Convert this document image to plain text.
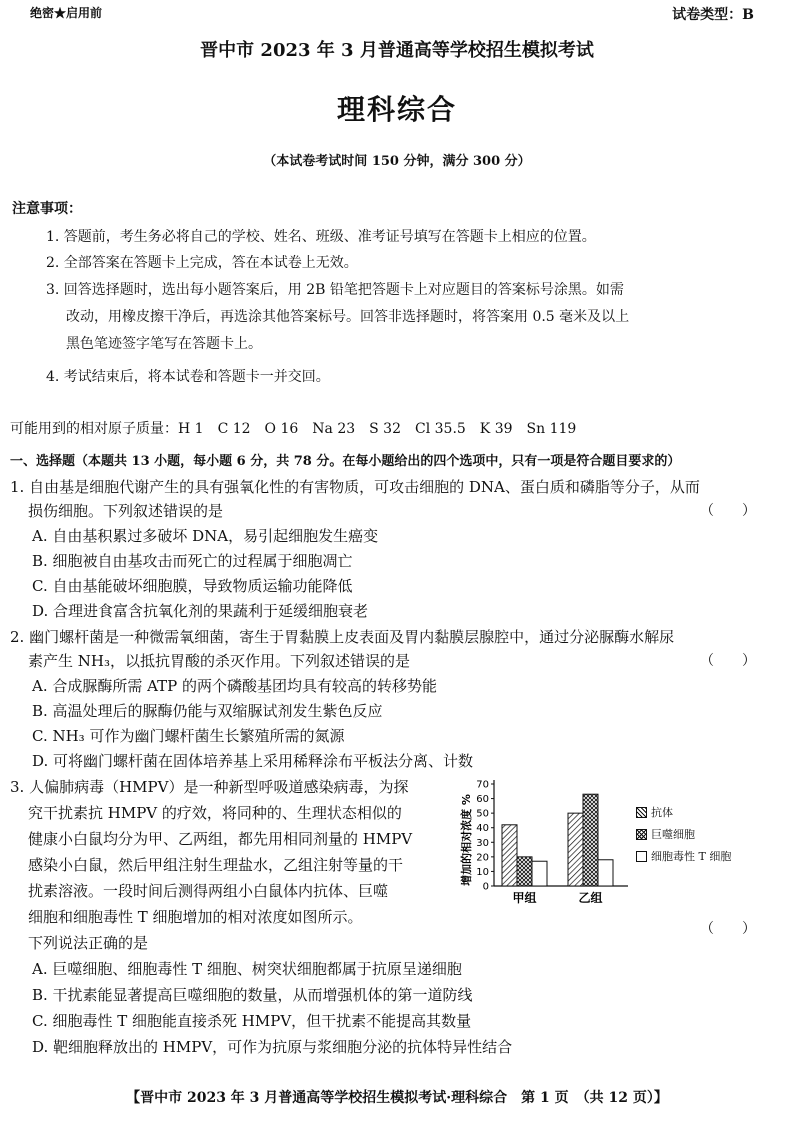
绝密★启用前	试卷类型：B
晋中市 2023 年 3 月普通高等学校招生模拟考试
理科综合
（本试卷考试时间 150 分钟，满分 300 分）
注意事项：
1. 答题前，考生务必将自己的学校、姓名、班级、准考证号填写在答题卡上相应的位置。
2. 全部答案在答题卡上完成，答在本试卷上无效。
3. 回答选择题时，选出每小题答案后，用 2B 铅笔把答题卡上对应题目的答案标号涂黑。如需
改动，用橡皮擦干净后，再选涂其他答案标号。回答非选择题时，将答案用 0.5 毫米及以上
黑色笔迹签字笔写在答题卡上。
4. 考试结束后，将本试卷和答题卡一并交回。
可能用到的相对原子质量：H 1　C 12　O 16　Na 23　S 32　Cl 35.5　K 39　Sn 119
一、选择题（本题共 13 小题，每小题 6 分，共 78 分。在每小题给出的四个选项中，只有一项是符合题目要求的）
1. 自由基是细胞代谢产生的具有强氧化性的有害物质，可攻击细胞的 DNA、蛋白质和磷脂等分子，从而
损伤细胞。下列叙述错误的是	（　　）
A. 自由基积累过多破坏 DNA，易引起细胞发生癌变
B. 细胞被自由基攻击而死亡的过程属于细胞凋亡
C. 自由基能破坏细胞膜，导致物质运输功能降低
D. 合理进食富含抗氧化剂的果蔬利于延缓细胞衰老
2. 幽门螺杆菌是一种微需氧细菌，寄生于胃黏膜上皮表面及胃内黏膜层腺腔中，通过分泌脲酶水解尿
素产生 NH₃，以抵抗胃酸的杀灭作用。下列叙述错误的是	（　　）
A. 合成脲酶所需 ATP 的两个磷酸基团均具有较高的转移势能
B. 高温处理后的脲酶仍能与双缩脲试剂发生紫色反应
C. NH₃ 可作为幽门螺杆菌生长繁殖所需的氮源
D. 可将幽门螺杆菌在固体培养基上采用稀释涂布平板法分离、计数
3. 人偏肺病毒（HMPV）是一种新型呼吸道感染病毒，为探
究干扰素抗 HMPV 的疗效，将同种的、生理状态相似的
健康小白鼠均分为甲、乙两组，都先用相同剂量的 HMPV
感染小白鼠，然后甲组注射生理盐水，乙组注射等量的干
扰素溶液。一段时间后测得两组小白鼠体内抗体、巨噬
细胞和细胞毒性 T 细胞增加的相对浓度如图所示。
下列说法正确的是
（　　）
A. 巨噬细胞、细胞毒性 T 细胞、树突状细胞都属于抗原呈递细胞
B. 干扰素能显著提高巨噬细胞的数量，从而增强机体的第一道防线
C. 细胞毒性 T 细胞能直接杀死 HMPV，但干扰素不能提高其数量
D. 靶细胞释放出的 HMPV，可作为抗原与浆细胞分泌的抗体特异性结合
增加的相对浓度 %
0
10
20
30
40
50
60
70
甲组	乙组
抗体
巨噬细胞
细胞毒性 T 细胞
【晋中市 2023 年 3 月普通高等学校招生模拟考试·理科综合　第 1 页　（共 12 页）】
